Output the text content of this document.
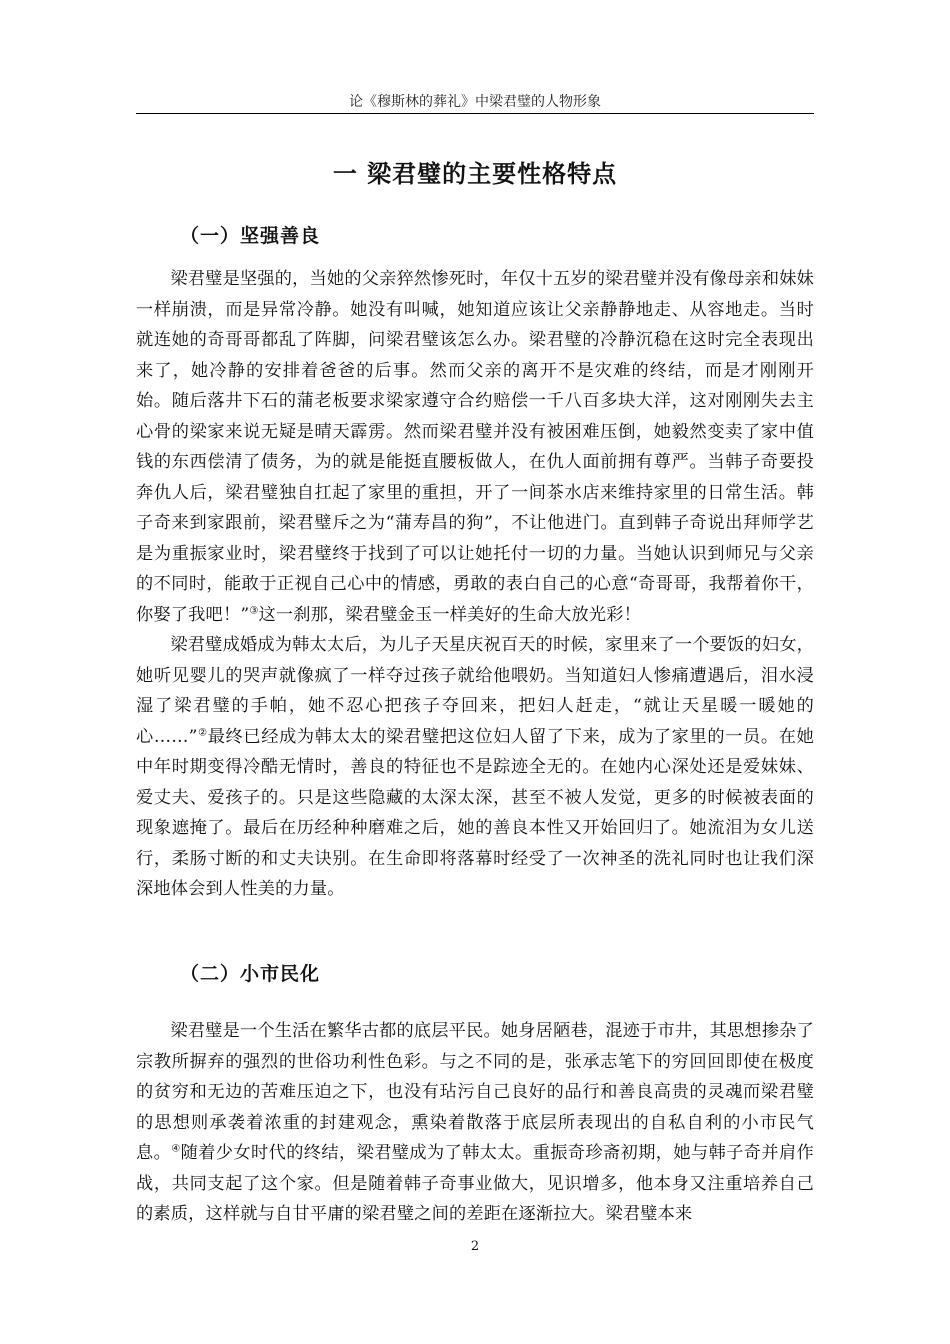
论《穆斯林的葬礼》中梁君璧的人物形象
一 梁君璧的主要性格特点
（一）坚强善良

梁君璧是坚强的，当她的父亲猝然惨死时，年仅十五岁的梁君璧并没有像母亲和妹妹一样崩溃，而是异常冷静。她没有叫喊，她知道应该让父亲静静地走、从容地走。当时就连她的奇哥哥都乱了阵脚，问梁君璧该怎么办。梁君璧的冷静沉稳在这时完全表现出来了，她冷静的安排着爸爸的后事。然而父亲的离开不是灾难的终结，而是才刚刚开始。随后落井下石的蒲老板要求梁家遵守合约赔偿一千八百多块大洋，这对刚刚失去主心骨的梁家来说无疑是晴天霹雳。然而梁君璧并没有被困难压倒，她毅然变卖了家中值钱的东西偿清了债务，为的就是能挺直腰板做人，在仇人面前拥有尊严。当韩子奇要投奔仇人后，梁君璧独自扛起了家里的重担，开了一间茶水店来维持家里的日常生活。韩子奇来到家跟前，梁君璧斥之为“蒲寿昌的狗”，不让他进门。直到韩子奇说出拜师学艺是为重振家业时，梁君璧终于找到了可以让她托付一切的力量。当她认识到师兄与父亲的不同时，能敢于正视自己心中的情感，勇敢的表白自己的心意“奇哥哥，我帮着你干，你娶了我吧！”③这一刹那，梁君璧金玉一样美好的生命大放光彩！

梁君璧成婚成为韩太太后，为儿子天星庆祝百天的时候，家里来了一个要饭的妇女，她听见婴儿的哭声就像疯了一样夺过孩子就给他喂奶。当知道妇人惨痛遭遇后，泪水浸湿了梁君璧的手帕，她不忍心把孩子夺回来，把妇人赶走，“就让天星暖一暖她的心……”②最终已经成为韩太太的梁君璧把这位妇人留了下来，成为了家里的一员。在她中年时期变得冷酷无情时，善良的特征也不是踪迹全无的。在她内心深处还是爱妹妹、爱丈夫、爱孩子的。只是这些隐藏的太深太深，甚至不被人发觉，更多的时候被表面的现象遮掩了。最后在历经种种磨难之后，她的善良本性又开始回归了。她流泪为女儿送行，柔肠寸断的和丈夫诀别。在生命即将落幕时经受了一次神圣的洗礼同时也让我们深深地体会到人性美的力量。

（二）小市民化

梁君璧是一个生活在繁华古都的底层平民。她身居陋巷，混迹于市井，其思想掺杂了宗教所摒弃的强烈的世俗功利性色彩。与之不同的是，张承志笔下的穷回回即使在极度的贫穷和无边的苦难压迫之下，也没有玷污自己良好的品行和善良高贵的灵魂而梁君璧的思想则承袭着浓重的封建观念，熏染着散落于底层所表现出的自私自利的小市民气息。④随着少女时代的终结，梁君璧成为了韩太太。重振奇珍斋初期，她与韩子奇并肩作战，共同支起了这个家。但是随着韩子奇事业做大，见识增多，他本身又注重培养自己的素质，这样就与自甘平庸的梁君璧之间的差距在逐渐拉大。梁君璧本来

2
